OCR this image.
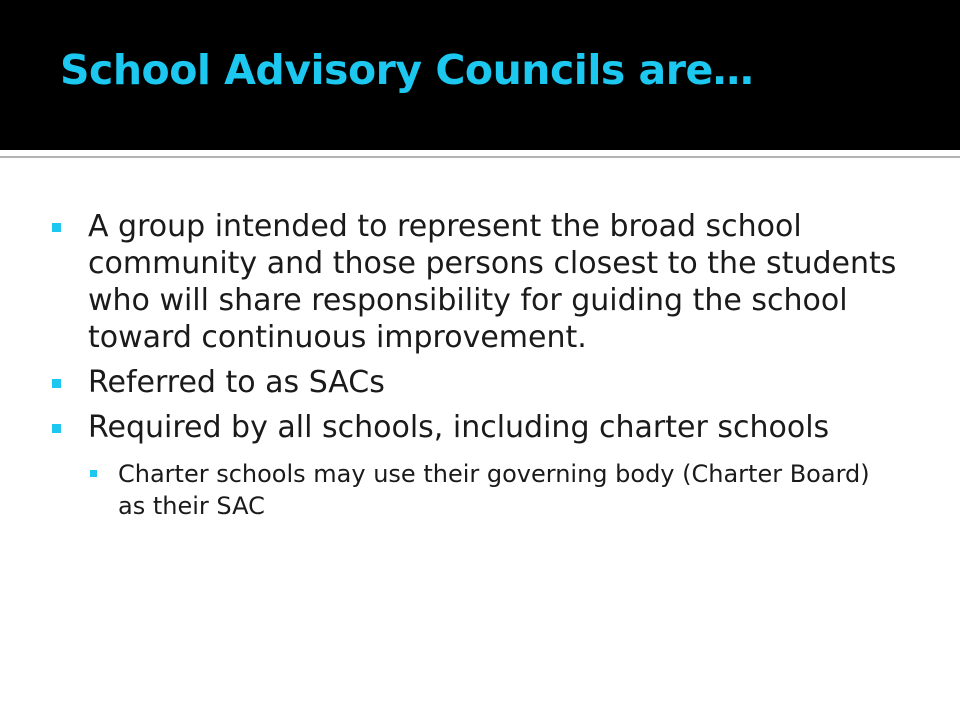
School Advisory Councils are…
A group intended to represent the broad school community and those persons closest to the students who will share responsibility for guiding the school toward continuous improvement.
Referred to as SACs
Required by all schools, including charter schools
Charter schools may use their governing body (Charter Board) as their SAC
